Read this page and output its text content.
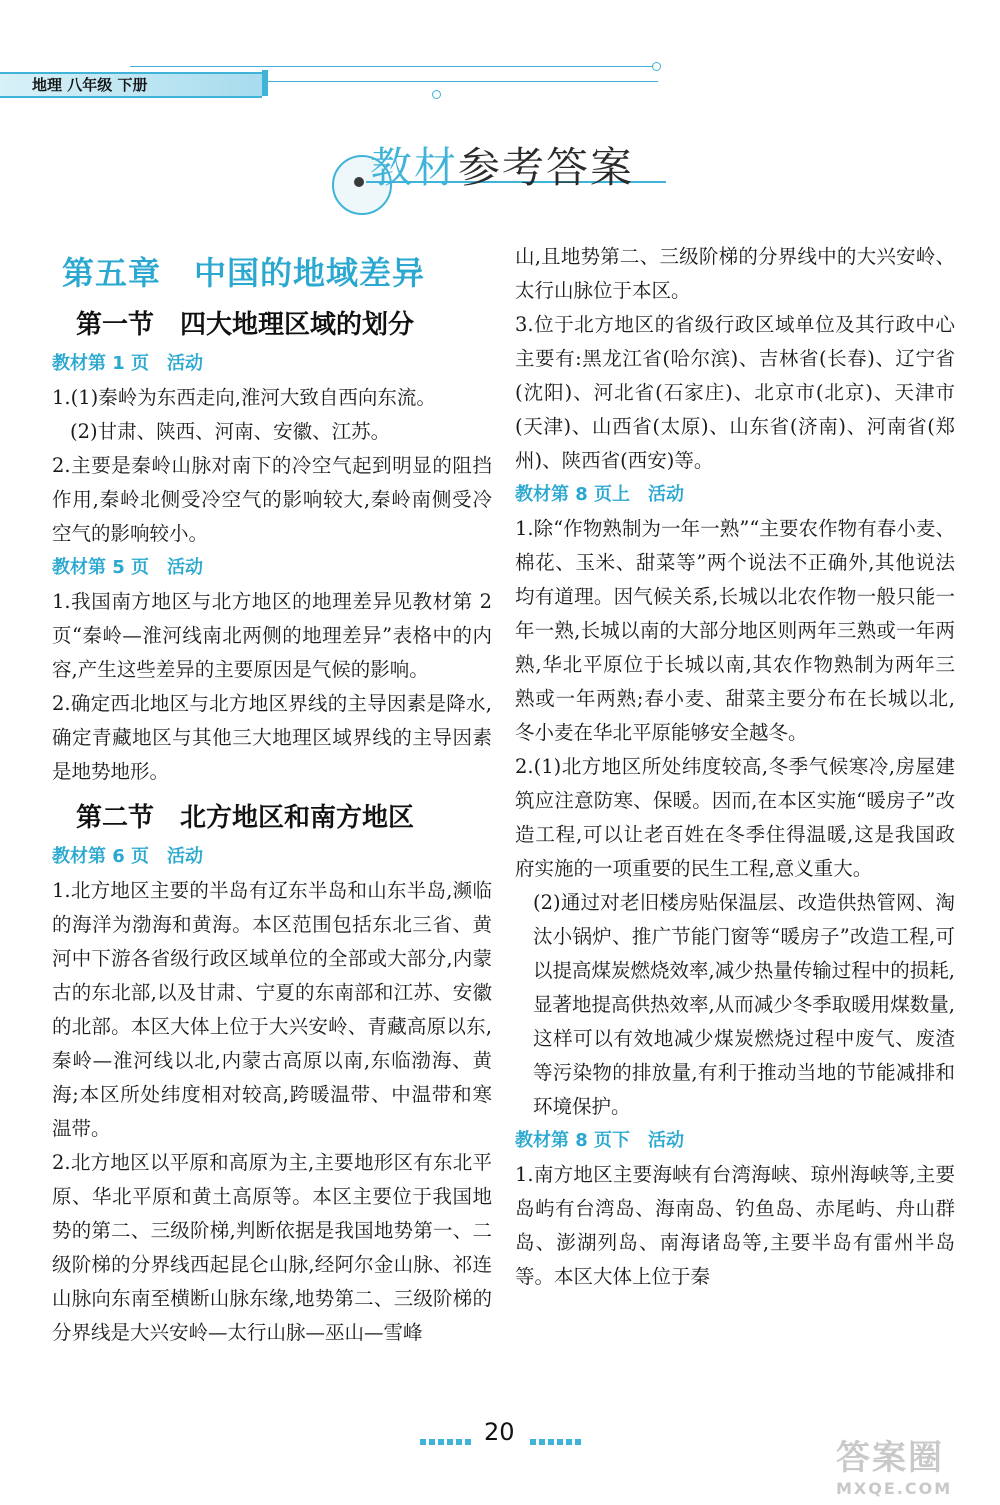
地理 八年级 下册
教材参考答案
第五章　中国的地域差异
第一节　四大地理区域的划分
教材第 1 页　活动

1.(1)秦岭为东西走向,淮河大致自西向东流。

(2)甘肃、陕西、河南、安徽、江苏。

2.主要是秦岭山脉对南下的冷空气起到明显的阻挡作用,秦岭北侧受冷空气的影响较大,秦岭南侧受冷空气的影响较小。

教材第 5 页　活动

1.我国南方地区与北方地区的地理差异见教材第 2 页“秦岭—淮河线南北两侧的地理差异”表格中的内容,产生这些差异的主要原因是气候的影响。

2.确定西北地区与北方地区界线的主导因素是降水,确定青藏地区与其他三大地理区域界线的主导因素是地势地形。

第二节　北方地区和南方地区
教材第 6 页　活动

1.北方地区主要的半岛有辽东半岛和山东半岛,濒临的海洋为渤海和黄海。本区范围包括东北三省、黄河中下游各省级行政区域单位的全部或大部分,内蒙古的东北部,以及甘肃、宁夏的东南部和江苏、安徽的北部。本区大体上位于大兴安岭、青藏高原以东,秦岭—淮河线以北,内蒙古高原以南,东临渤海、黄海;本区所处纬度相对较高,跨暖温带、中温带和寒温带。

2.北方地区以平原和高原为主,主要地形区有东北平原、华北平原和黄土高原等。本区主要位于我国地势的第二、三级阶梯,判断依据是我国地势第一、二级阶梯的分界线西起昆仑山脉,经阿尔金山脉、祁连山脉向东南至横断山脉东缘,地势第二、三级阶梯的分界线是大兴安岭—太行山脉—巫山—雪峰

山,且地势第二、三级阶梯的分界线中的大兴安岭、太行山脉位于本区。

3.位于北方地区的省级行政区域单位及其行政中心主要有:黑龙江省(哈尔滨)、吉林省(长春)、辽宁省(沈阳)、河北省(石家庄)、北京市(北京)、天津市(天津)、山西省(太原)、山东省(济南)、河南省(郑州)、陕西省(西安)等。

教材第 8 页上　活动

1.除“作物熟制为一年一熟”“主要农作物有春小麦、棉花、玉米、甜菜等”两个说法不正确外,其他说法均有道理。因气候关系,长城以北农作物一般只能一年一熟,长城以南的大部分地区则两年三熟或一年两熟,华北平原位于长城以南,其农作物熟制为两年三熟或一年两熟;春小麦、甜菜主要分布在长城以北,冬小麦在华北平原能够安全越冬。

2.(1)北方地区所处纬度较高,冬季气候寒冷,房屋建筑应注意防寒、保暖。因而,在本区实施“暖房子”改造工程,可以让老百姓在冬季住得温暖,这是我国政府实施的一项重要的民生工程,意义重大。

(2)通过对老旧楼房贴保温层、改造供热管网、淘汰小锅炉、推广节能门窗等“暖房子”改造工程,可以提高煤炭燃烧效率,减少热量传输过程中的损耗,显著地提高供热效率,从而减少冬季取暖用煤数量,这样可以有效地减少煤炭燃烧过程中废气、废渣等污染物的排放量,有利于推动当地的节能减排和环境保护。

教材第 8 页下　活动

1.南方地区主要海峡有台湾海峡、琼州海峡等,主要岛屿有台湾岛、海南岛、钓鱼岛、赤尾屿、舟山群岛、澎湖列岛、南海诸岛等,主要半岛有雷州半岛等。本区大体上位于秦

20
答案圈
MXQE.COM
